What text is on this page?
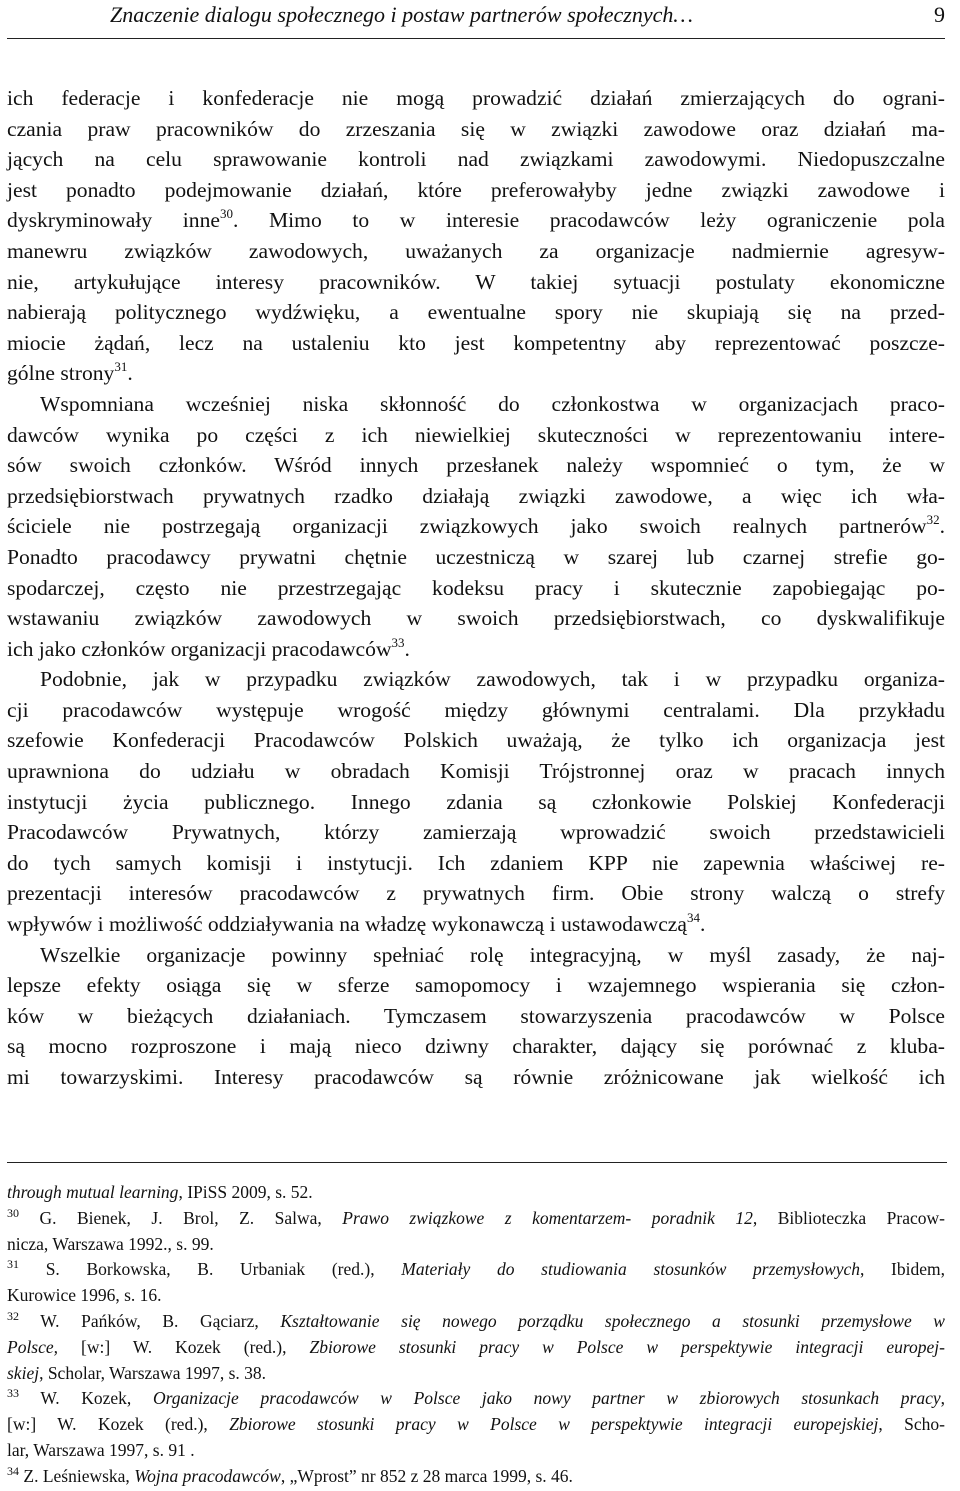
Znaczenie dialogu społecznego i postaw partnerów społecznych…	9
ich federacje i konfederacje nie mogą prowadzić działań zmierzających do ograni-
czania praw pracowników do zrzeszania się w związki zawodowe oraz działań ma-
jących na celu sprawowanie kontroli nad związkami zawodowymi. Niedopuszczalne
jest ponadto podejmowanie działań, które preferowałyby jedne związki zawodowe i
dyskryminowały inne$^{30}$. Mimo to w interesie pracodawców leży ograniczenie pola
manewru związków zawodowych, uważanych za organizacje nadmiernie agresyw-
nie, artykułujące interesy pracowników. W takiej sytuacji postulaty ekonomiczne
nabierają politycznego wydźwięku, a ewentualne spory nie skupiają się na przed-
miocie żądań, lecz na ustaleniu kto jest kompetentny aby reprezentować poszcze-
gólne strony$^{31}$.
Wspomniana wcześniej niska skłonność do członkostwa w organizacjach praco-
dawców wynika po części z ich niewielkiej skuteczności w reprezentowaniu intere-
sów swoich członków. Wśród innych przesłanek należy wspomnieć o tym, że w
przedsiębiorstwach prywatnych rzadko działają związki zawodowe, a więc ich wła-
ściciele nie postrzegają organizacji związkowych jako swoich realnych partnerów$^{32}$.
Ponadto pracodawcy prywatni chętnie uczestniczą w szarej lub czarnej strefie go-
spodarczej, często nie przestrzegając kodeksu pracy i skutecznie zapobiegając po-
wstawaniu związków zawodowych w swoich przedsiębiorstwach, co dyskwalifikuje
ich jako członków organizacji pracodawców$^{33}$.
Podobnie, jak w przypadku związków zawodowych, tak i w przypadku organiza-
cji pracodawców występuje wrogość między głównymi centralami. Dla przykładu
szefowie Konfederacji Pracodawców Polskich uważają, że tylko ich organizacja jest
uprawniona do udziału w obradach Komisji Trójstronnej oraz w pracach innych
instytucji życia publicznego. Innego zdania są członkowie Polskiej Konfederacji
Pracodawców Prywatnych, którzy zamierzają wprowadzić swoich przedstawicieli
do tych samych komisji i instytucji. Ich zdaniem KPP nie zapewnia właściwej re-
prezentacji interesów pracodawców z prywatnych firm. Obie strony walczą o strefy
wpływów i możliwość oddziaływania na władzę wykonawczą i ustawodawczą$^{34}$.
Wszelkie organizacje powinny spełniać rolę integracyjną, w myśl zasady, że naj-
lepsze efekty osiąga się w sferze samopomocy i wzajemnego wspierania się człon-
ków w bieżących działaniach. Tymczasem stowarzyszenia pracodawców w Polsce
są mocno rozproszone i mają nieco dziwny charakter, dający się porównać z kluba-
mi towarzyskimi. Interesy pracodawców są równie zróżnicowane jak wielkość ich
through mutual learning, IPiSS 2009, s. 52.
$^{30}$ G. Bienek, J. Brol, Z. Salwa, Prawo związkowe z komentarzem- poradnik 12, Biblioteczka Pracow-
nicza, Warszawa 1992., s. 99.
$^{31}$ S. Borkowska, B. Urbaniak (red.), Materiały do studiowania stosunków przemysłowych, Ibidem,
Kurowice 1996, s. 16.
$^{32}$ W. Pańków, B. Gąciarz, Kształtowanie się nowego porządku społecznego a stosunki przemysłowe w
Polsce, [w:] W. Kozek (red.), Zbiorowe stosunki pracy w Polsce w perspektywie integracji europej-
skiej, Scholar, Warszawa 1997, s. 38.
$^{33}$ W. Kozek, Organizacje pracodawców w Polsce jako nowy partner w zbiorowych stosunkach pracy,
[w:] W. Kozek (red.), Zbiorowe stosunki pracy w Polsce w perspektywie integracji europejskiej, Scho-
lar, Warszawa 1997, s. 91 .
$^{34}$ Z. Leśniewska, Wojna pracodawców, „Wprost” nr 852 z 28 marca 1999, s. 46.
